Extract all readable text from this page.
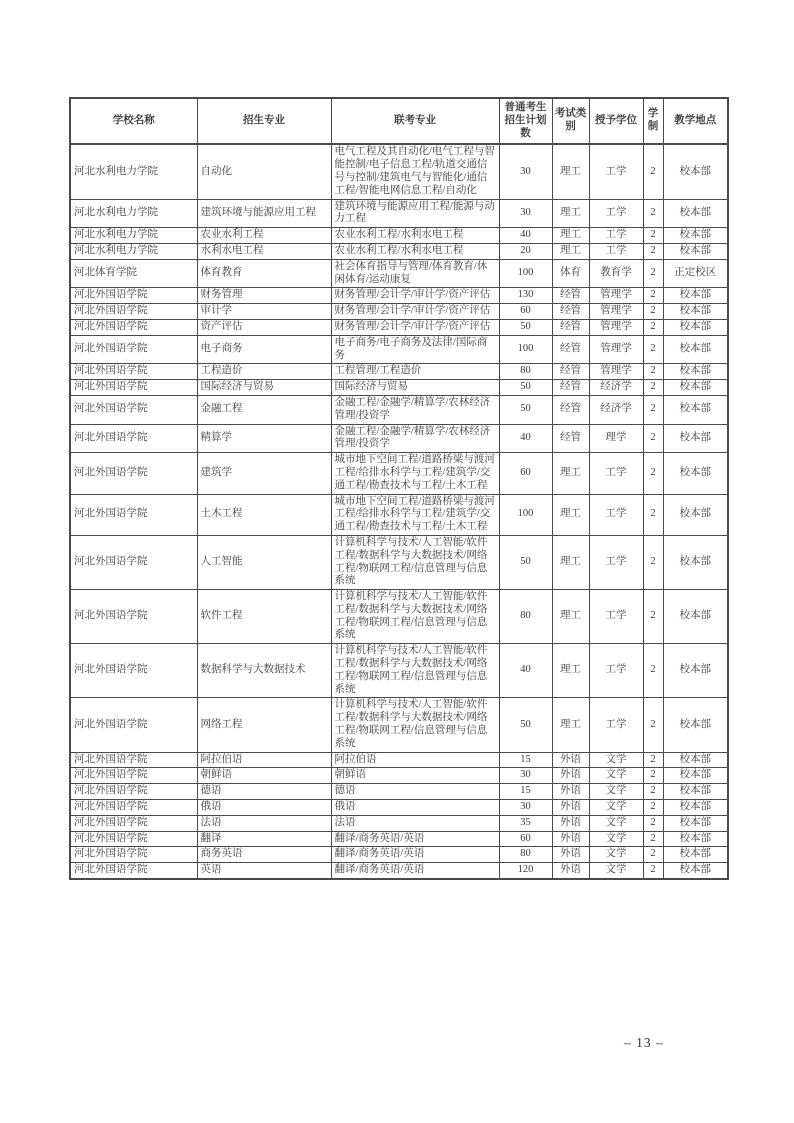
学校名称	招生专业	联考专业	普通考生招生计划数	考试类别	授予学位	学制	教学地点
河北水利电力学院	自动化	电气工程及其自动化/电气工程与智能控制/电子信息工程/轨道交通信号与控制/建筑电气与智能化/通信工程/智能电网信息工程/自动化	30	理工	工学	2	校本部
河北水利电力学院	建筑环境与能源应用工程	建筑环境与能源应用工程/能源与动力工程	30	理工	工学	2	校本部
河北水利电力学院	农业水利工程	农业水利工程/水利水电工程	40	理工	工学	2	校本部
河北水利电力学院	水利水电工程	农业水利工程/水利水电工程	20	理工	工学	2	校本部
河北体育学院	体育教育	社会体育指导与管理/体育教育/休闲体育/运动康复	100	体育	教育学	2	正定校区
河北外国语学院	财务管理	财务管理/会计学/审计学/资产评估	130	经管	管理学	2	校本部
河北外国语学院	审计学	财务管理/会计学/审计学/资产评估	60	经管	管理学	2	校本部
河北外国语学院	资产评估	财务管理/会计学/审计学/资产评估	50	经管	管理学	2	校本部
河北外国语学院	电子商务	电子商务/电子商务及法律/国际商务	100	经管	管理学	2	校本部
河北外国语学院	工程造价	工程管理/工程造价	80	经管	管理学	2	校本部
河北外国语学院	国际经济与贸易	国际经济与贸易	50	经管	经济学	2	校本部
河北外国语学院	金融工程	金融工程/金融学/精算学/农林经济管理/投资学	50	经管	经济学	2	校本部
河北外国语学院	精算学	金融工程/金融学/精算学/农林经济管理/投资学	40	经管	理学	2	校本部
河北外国语学院	建筑学	城市地下空间工程/道路桥梁与渡河工程/给排水科学与工程/建筑学/交通工程/勘查技术与工程/土木工程	60	理工	工学	2	校本部
河北外国语学院	土木工程	城市地下空间工程/道路桥梁与渡河工程/给排水科学与工程/建筑学/交通工程/勘查技术与工程/土木工程	100	理工	工学	2	校本部
河北外国语学院	人工智能	计算机科学与技术/人工智能/软件工程/数据科学与大数据技术/网络工程/物联网工程/信息管理与信息系统	50	理工	工学	2	校本部
河北外国语学院	软件工程	计算机科学与技术/人工智能/软件工程/数据科学与大数据技术/网络工程/物联网工程/信息管理与信息系统	80	理工	工学	2	校本部
河北外国语学院	数据科学与大数据技术	计算机科学与技术/人工智能/软件工程/数据科学与大数据技术/网络工程/物联网工程/信息管理与信息系统	40	理工	工学	2	校本部
河北外国语学院	网络工程	计算机科学与技术/人工智能/软件工程/数据科学与大数据技术/网络工程/物联网工程/信息管理与信息系统	50	理工	工学	2	校本部
河北外国语学院	阿拉伯语	阿拉伯语	15	外语	文学	2	校本部
河北外国语学院	朝鲜语	朝鲜语	30	外语	文学	2	校本部
河北外国语学院	德语	德语	15	外语	文学	2	校本部
河北外国语学院	俄语	俄语	30	外语	文学	2	校本部
河北外国语学院	法语	法语	35	外语	文学	2	校本部
河北外国语学院	翻译	翻译/商务英语/英语	60	外语	文学	2	校本部
河北外国语学院	商务英语	翻译/商务英语/英语	80	外语	文学	2	校本部
河北外国语学院	英语	翻译/商务英语/英语	120	外语	文学	2	校本部
– 13 –
